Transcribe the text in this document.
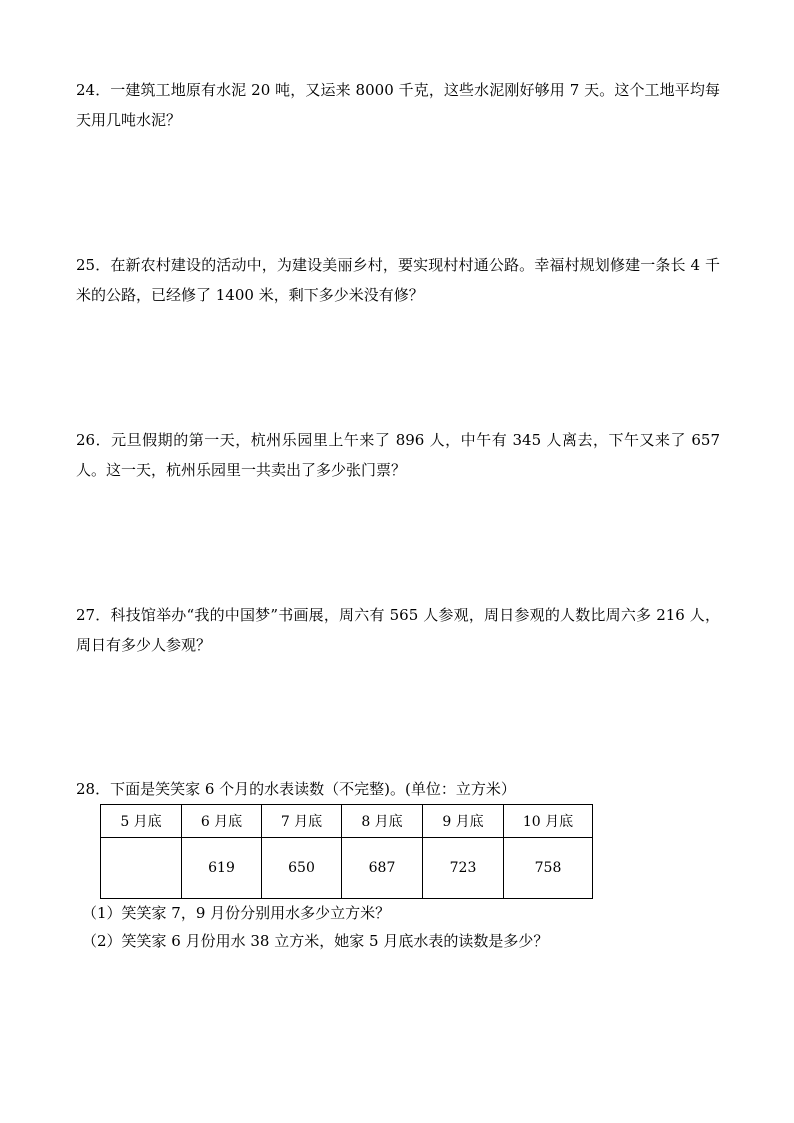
24．一建筑工地原有水泥 20 吨，又运来 8000 千克，这些水泥刚好够用 7 天。这个工地平均每天用几吨水泥？

25．在新农村建设的活动中，为建设美丽乡村，要实现村村通公路。幸福村规划修建一条长 4 千米的公路，已经修了 1400 米，剩下多少米没有修？

26．元旦假期的第一天，杭州乐园里上午来了 896 人，中午有 345 人离去，下午又来了 657 人。这一天，杭州乐园里一共卖出了多少张门票？

27．科技馆举办“我的中国梦”书画展，周六有 565 人参观，周日参观的人数比周六多 216 人，周日有多少人参观？

28．下面是笑笑家 6 个月的水表读数（不完整)。(单位：立方米）

5 月底	6 月底	7 月底	8 月底	9 月底	10 月底
	619	650	687	723	758
（1）笑笑家 7，9 月份分别用水多少立方米？
（2）笑笑家 6 月份用水 38 立方米，她家 5 月底水表的读数是多少？
